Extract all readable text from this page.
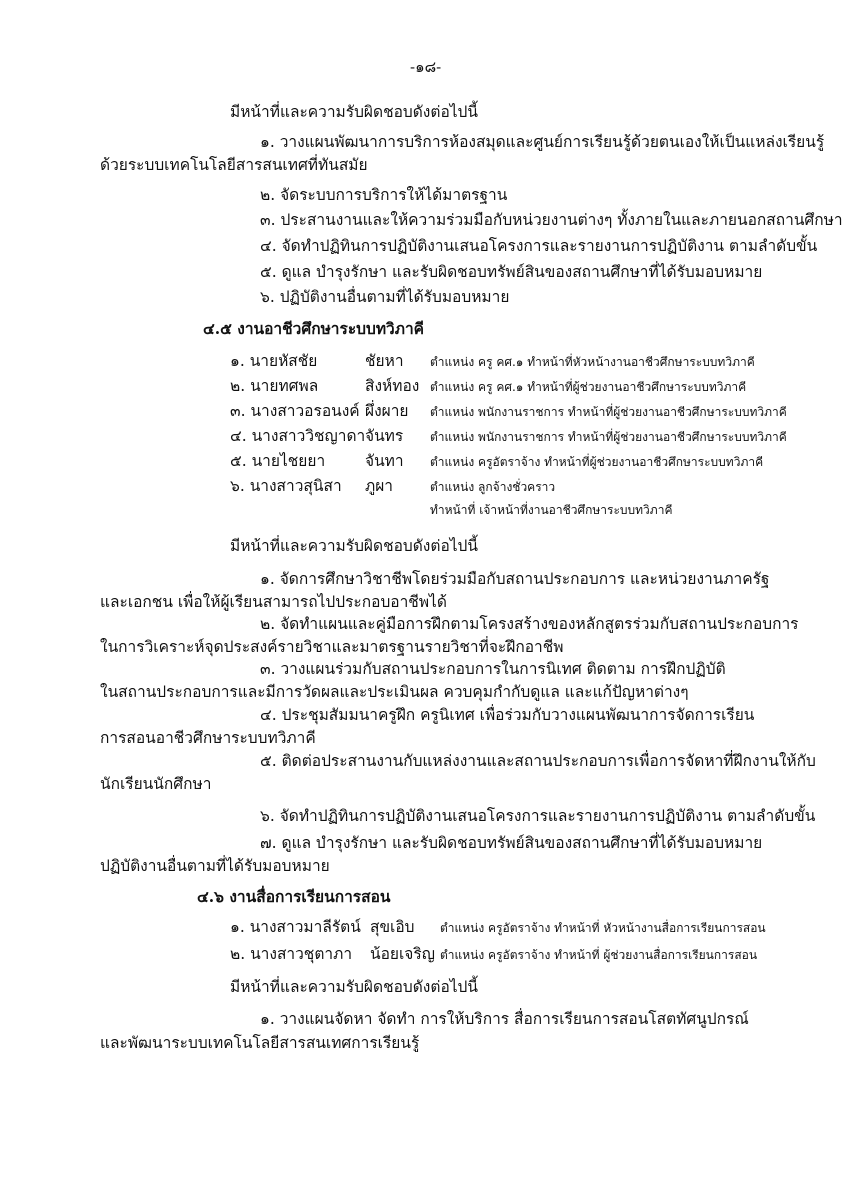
-๑๘-
มีหน้าที่และความรับผิดชอบดังต่อไปนี้
๑. วางแผนพัฒนาการบริการห้องสมุดและศูนย์การเรียนรู้ด้วยตนเองให้เป็นแหล่งเรียนรู้
ด้วยระบบเทคโนโลยีสารสนเทศที่ทันสมัย
๒. จัดระบบการบริการให้ได้มาตรฐาน
๓. ประสานงานและให้ความร่วมมือกับหน่วยงานต่างๆ ทั้งภายในและภายนอกสถานศึกษา
๔. จัดทำปฏิทินการปฏิบัติงานเสนอโครงการและรายงานการปฏิบัติงาน ตามลำดับขั้น
๕. ดูแล บำรุงรักษา และรับผิดชอบทรัพย์สินของสถานศึกษาที่ได้รับมอบหมาย
๖. ปฏิบัติงานอื่นตามที่ได้รับมอบหมาย
๔.๕ งานอาชีวศึกษาระบบทวิภาคี
๑. นายหัสชัย	ชัยหา ตำแหน่ง ครู คศ.๑ ทำหน้าที่หัวหน้างานอาชีวศึกษาระบบทวิภาคี
๒. นายทศพล	สิงห์ทอง ตำแหน่ง ครู คศ.๑ ทำหน้าที่ผู้ช่วยงานอาชีวศึกษาระบบทวิภาคี
๓. นางสาวอรอนงค์ ผึ่งผาย ตำแหน่ง พนักงานราชการ ทำหน้าที่ผู้ช่วยงานอาชีวศึกษาระบบทวิภาคี
๔. นางสาววิชญาดา จันทร ตำแหน่ง พนักงานราชการ ทำหน้าที่ผู้ช่วยงานอาชีวศึกษาระบบทวิภาคี
๕. นายไชยยา	จันทา ตำแหน่ง ครูอัตราจ้าง ทำหน้าที่ผู้ช่วยงานอาชีวศึกษาระบบทวิภาคี
๖. นางสาวสุนิสา ภูผา	ตำแหน่ง ลูกจ้างชั่วคราว
ทำหน้าที่ เจ้าหน้าที่งานอาชีวศึกษาระบบทวิภาคี
มีหน้าที่และความรับผิดชอบดังต่อไปนี้
๑. จัดการศึกษาวิชาชีพโดยร่วมมือกับสถานประกอบการ และหน่วยงานภาครัฐ
และเอกชน เพื่อให้ผู้เรียนสามารถไปประกอบอาชีพได้
๒. จัดทำแผนและคู่มือการฝึกตามโครงสร้างของหลักสูตรร่วมกับสถานประกอบการ
ในการวิเคราะห์จุดประสงค์รายวิชาและมาตรฐานรายวิชาที่จะฝึกอาชีพ
๓. วางแผนร่วมกับสถานประกอบการในการนิเทศ ติดตาม การฝึกปฏิบัติ
ในสถานประกอบการและมีการวัดผลและประเมินผล ควบคุมกำกับดูแล และแก้ปัญหาต่างๆ
๔. ประชุมสัมมนาครูฝึก ครูนิเทศ เพื่อร่วมกับวางแผนพัฒนาการจัดการเรียน
การสอนอาชีวศึกษาระบบทวิภาคี
๕. ติดต่อประสานงานกับแหล่งงานและสถานประกอบการเพื่อการจัดหาที่ฝึกงานให้กับ
นักเรียนนักศึกษา
๖. จัดทำปฏิทินการปฏิบัติงานเสนอโครงการและรายงานการปฏิบัติงาน ตามลำดับขั้น
๗. ดูแล บำรุงรักษา และรับผิดชอบทรัพย์สินของสถานศึกษาที่ได้รับมอบหมาย
ปฏิบัติงานอื่นตามที่ได้รับมอบหมาย
๔.๖ งานสื่อการเรียนการสอน
๑. นางสาวมาลีรัตน์ สุขเอิบ ตำแหน่ง ครูอัตราจ้าง ทำหน้าที่ หัวหน้างานสื่อการเรียนการสอน
๒. นางสาวชุตาภา น้อยเจริญ ตำแหน่ง ครูอัตราจ้าง ทำหน้าที่ ผู้ช่วยงานสื่อการเรียนการสอน
มีหน้าที่และความรับผิดชอบดังต่อไปนี้
๑. วางแผนจัดหา จัดทำ การให้บริการ สื่อการเรียนการสอนโสตทัศนูปกรณ์
และพัฒนาระบบเทคโนโลยีสารสนเทศการเรียนรู้
